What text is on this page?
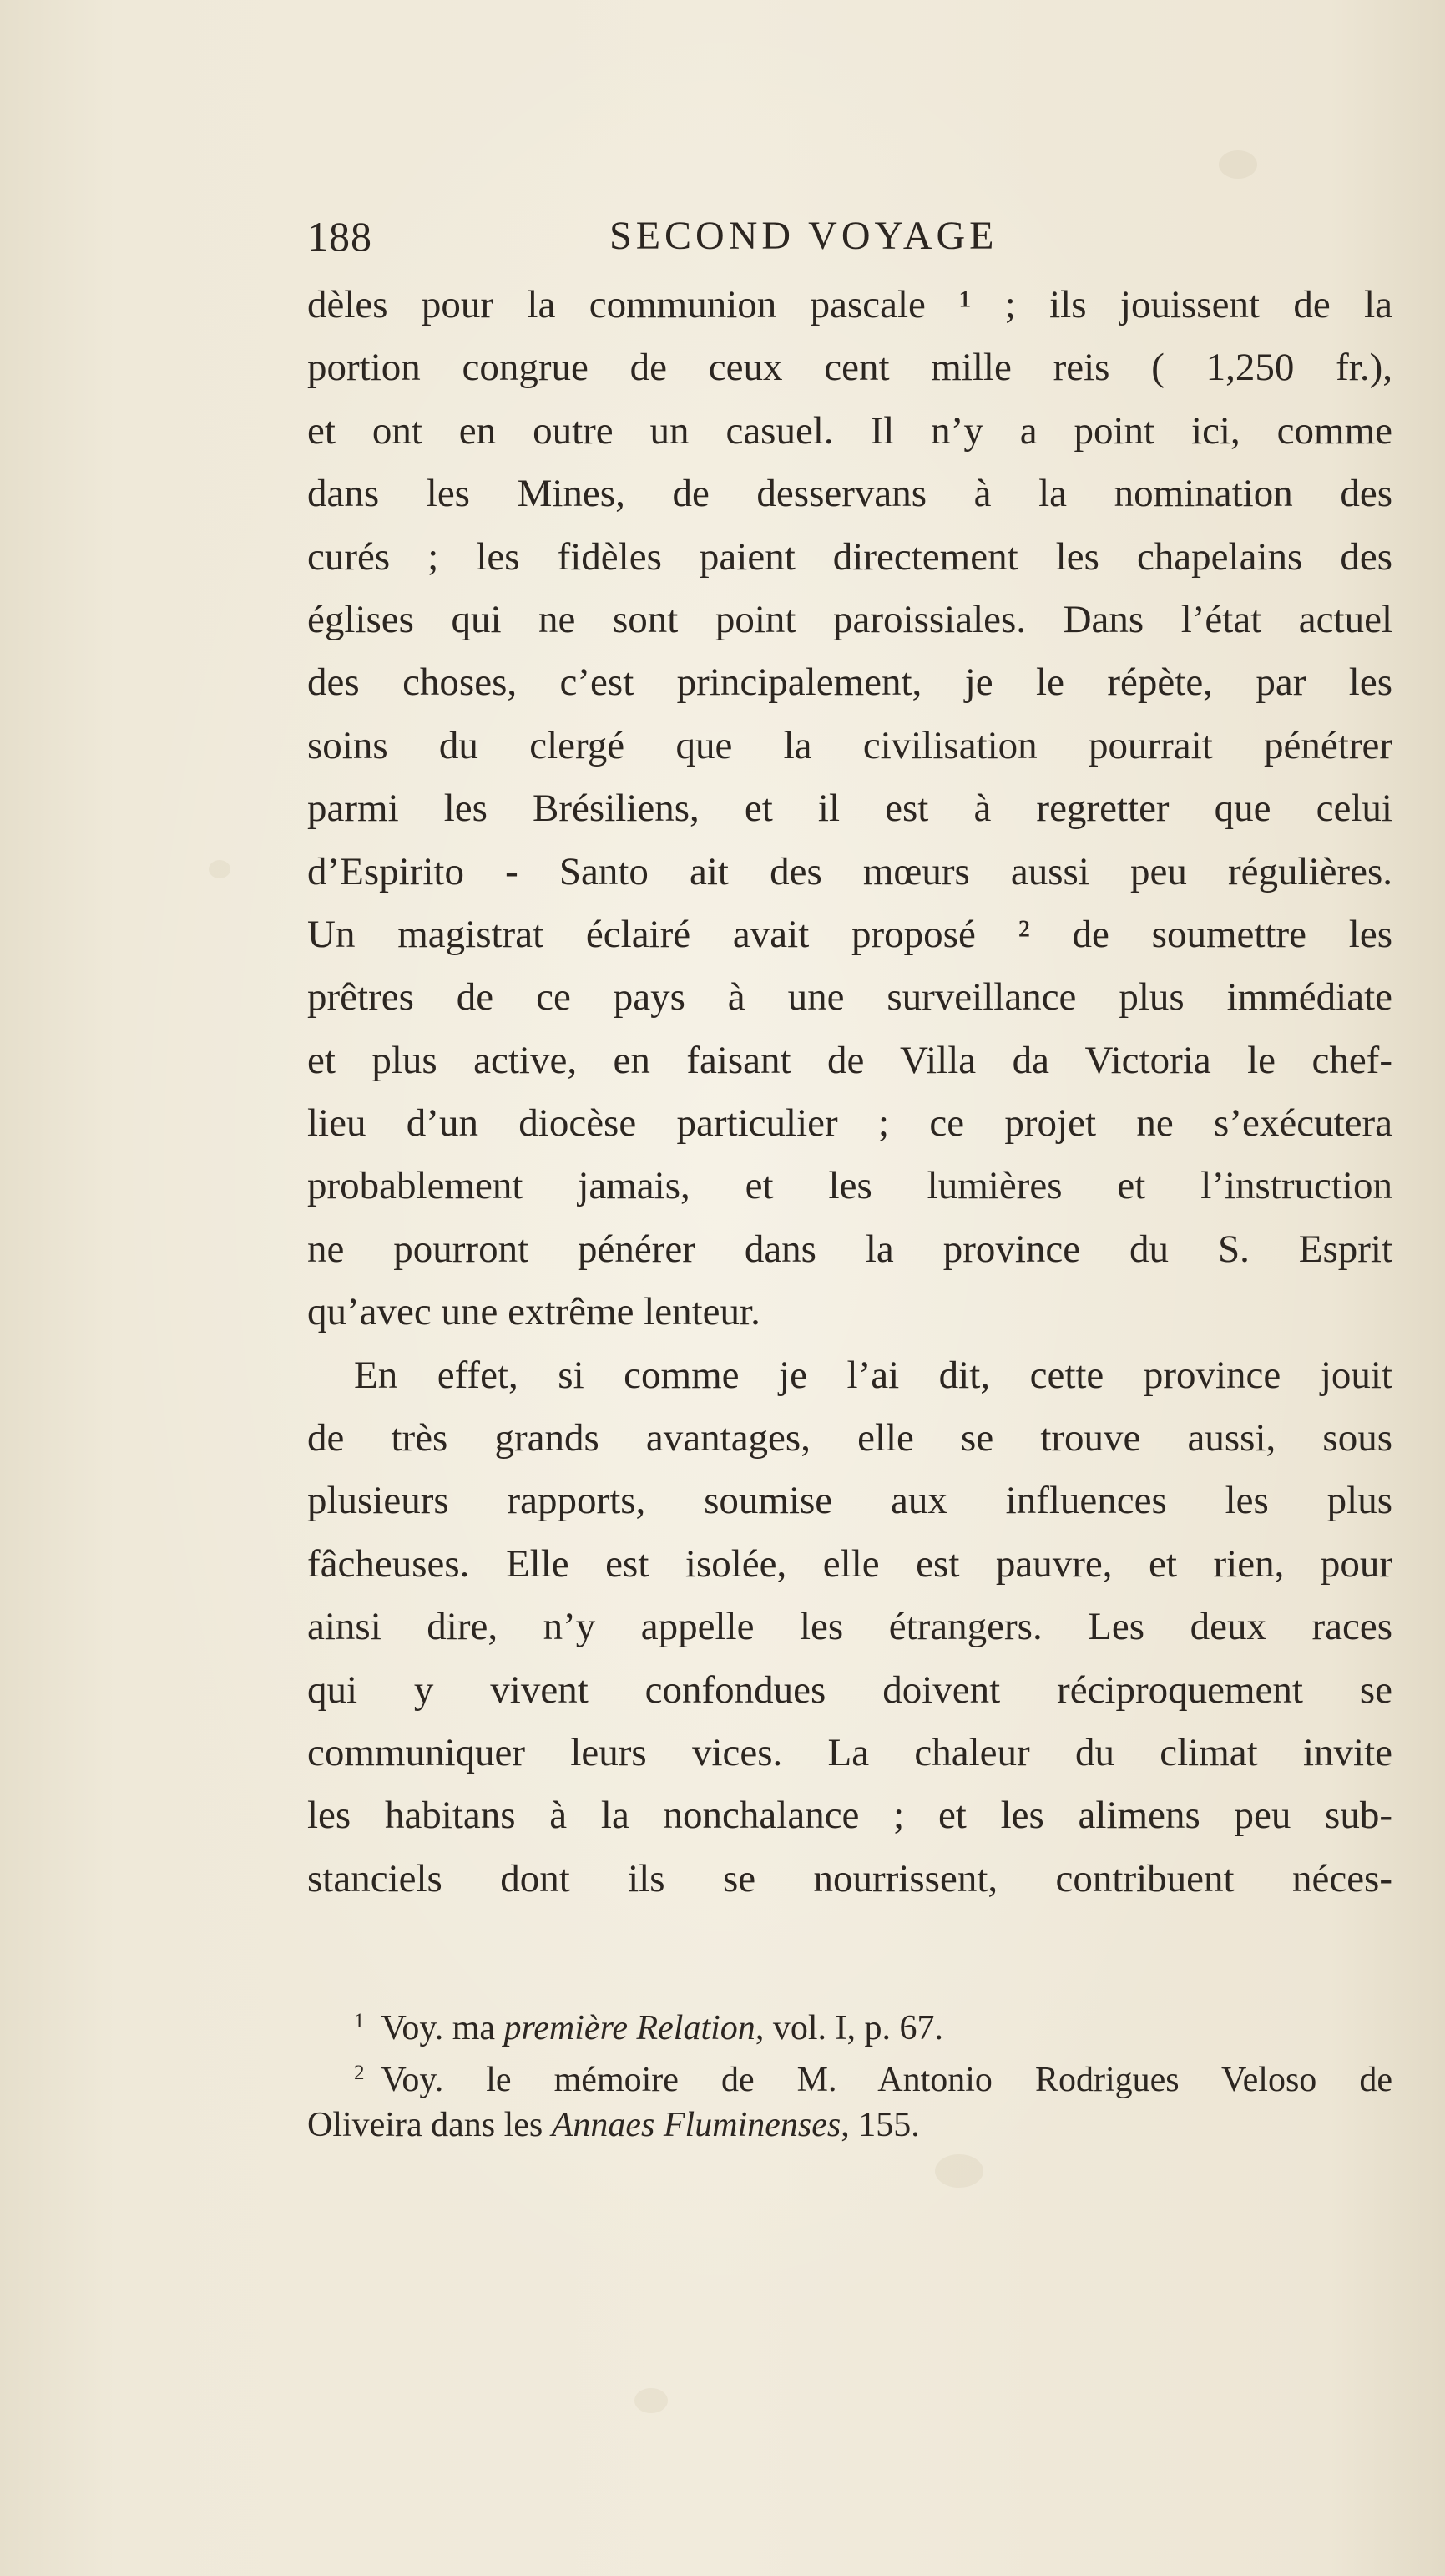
188	SECOND VOYAGE
dèles pour la communion pascale ¹ ; ils jouissent de la
portion congrue de ceux cent mille reis ( 1,250 fr.),
et ont en outre un casuel. Il n’y a point ici, comme
dans les Mines, de desservans à la nomination des
curés ; les fidèles paient directement les chapelains des
églises qui ne sont point paroissiales. Dans l’état actuel
des choses, c’est principalement, je le répète, par les
soins du clergé que la civilisation pourrait pénétrer
parmi les Brésiliens, et il est à regretter que celui
d’Espirito - Santo ait des mœurs aussi peu régulières.
Un magistrat éclairé avait proposé ² de soumettre les
prêtres de ce pays à une surveillance plus immédiate
et plus active, en faisant de Villa da Victoria le chef-
lieu d’un diocèse particulier ; ce projet ne s’exécutera
probablement jamais, et les lumières et l’instruction
ne pourront pénérer dans la province du S. Esprit
qu’avec une extrême lenteur.
En effet, si comme je l’ai dit, cette province jouit
de très grands avantages, elle se trouve aussi, sous
plusieurs rapports, soumise aux influences les plus
fâcheuses. Elle est isolée, elle est pauvre, et rien, pour
ainsi dire, n’y appelle les étrangers. Les deux races
qui y vivent confondues doivent réciproquement se
communiquer leurs vices. La chaleur du climat invite
les habitans à la nonchalance ; et les alimens peu sub-
stanciels dont ils se nourrissent, contribuent néces-
1 Voy. ma première Relation, vol. I, p. 67.
2 Voy. le mémoire de M. Antonio Rodrigues Veloso de
Oliveira dans les Annaes Fluminenses, 155.
